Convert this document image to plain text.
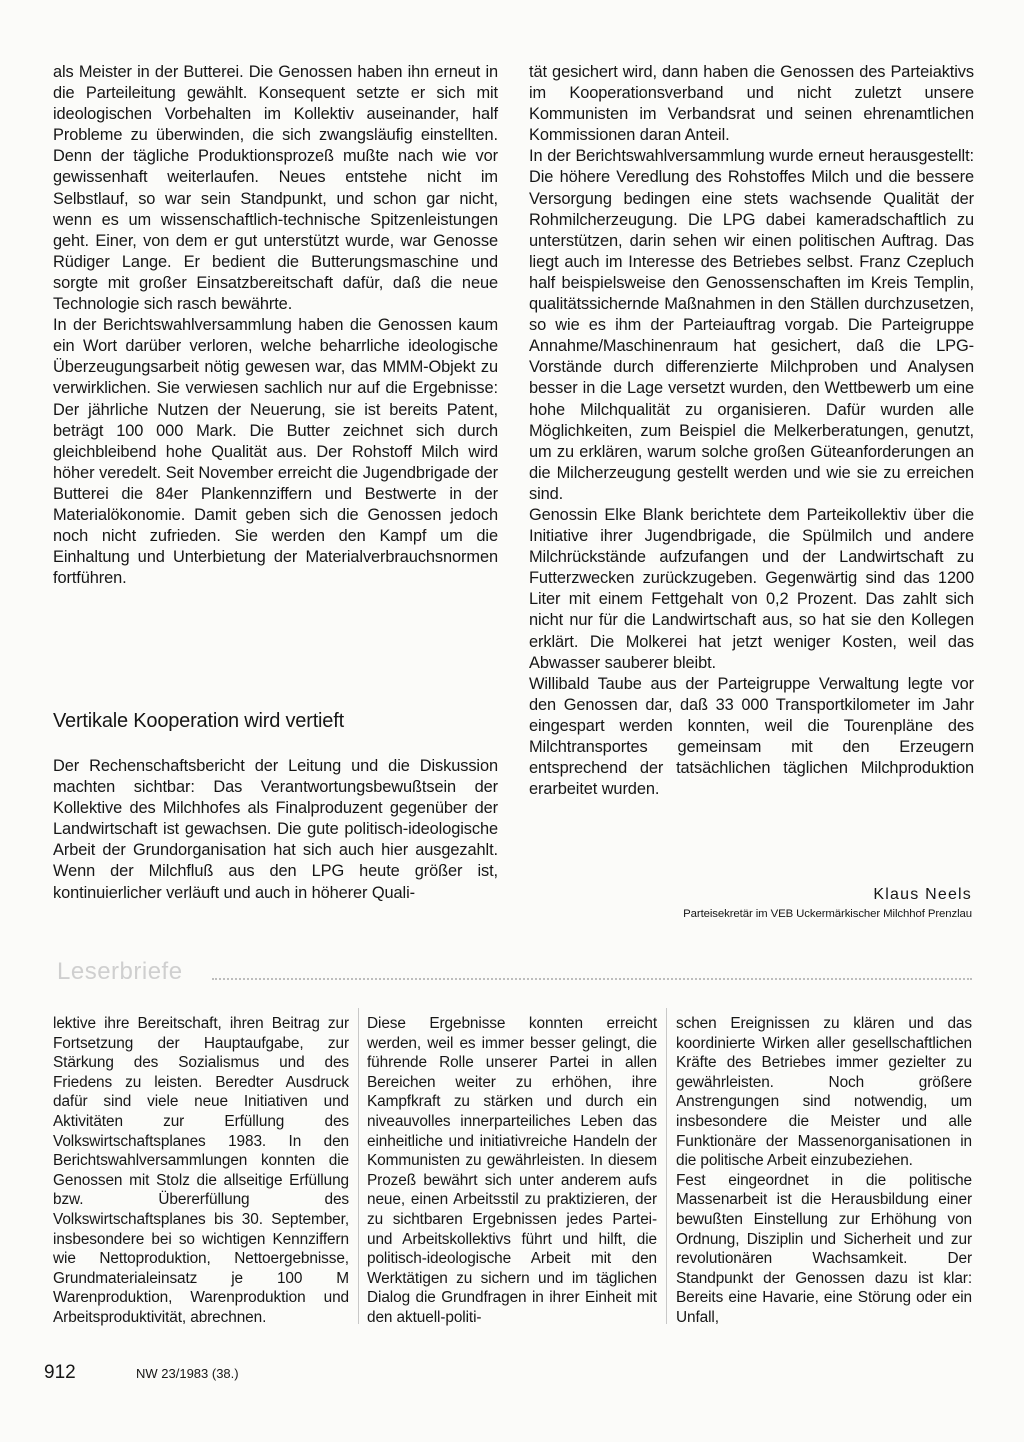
als Meister in der Butterei. Die Genossen haben ihn erneut in die Parteileitung gewählt. Konsequent setzte er sich mit ideologischen Vorbehalten im Kollektiv auseinander, half Probleme zu überwinden, die sich zwangsläufig einstellten. Denn der tägliche Produktionsprozeß mußte nach wie vor gewissenhaft weiterlaufen. Neues entstehe nicht im Selbstlauf, so war sein Standpunkt, und schon gar nicht, wenn es um wissenschaftlich-technische Spitzenleistungen geht. Einer, von dem er gut unterstützt wurde, war Genosse Rüdiger Lange. Er bedient die Butterungsmaschine und sorgte mit großer Einsatzbereitschaft dafür, daß die neue Technologie sich rasch bewährte.

In der Berichtswahlversammlung haben die Genossen kaum ein Wort darüber verloren, welche beharrliche ideologische Überzeugungsarbeit nötig gewesen war, das MMM-Objekt zu verwirklichen. Sie verwiesen sachlich nur auf die Ergebnisse: Der jährliche Nutzen der Neuerung, sie ist bereits Patent, beträgt 100 000 Mark. Die Butter zeichnet sich durch gleichbleibend hohe Qualität aus. Der Rohstoff Milch wird höher veredelt. Seit November erreicht die Jugendbrigade der Butterei die 84er Plankennziffern und Bestwerte in der Materialökonomie. Damit geben sich die Genossen jedoch noch nicht zufrieden. Sie werden den Kampf um die Einhaltung und Unterbietung der Materialverbrauchsnormen fortführen.

Vertikale Kooperation wird vertieft

Der Rechenschaftsbericht der Leitung und die Diskussion machten sichtbar: Das Verantwortungsbewußtsein der Kollektive des Milchhofes als Finalproduzent gegenüber der Landwirtschaft ist gewachsen. Die gute politisch-ideologische Arbeit der Grundorganisation hat sich auch hier ausgezahlt. Wenn der Milchfluß aus den LPG heute größer ist, kontinuierlicher verläuft und auch in höherer Quali-

tät gesichert wird, dann haben die Genossen des Parteiaktivs im Kooperationsverband und nicht zuletzt unsere Kommunisten im Verbandsrat und seinen ehrenamtlichen Kommissionen daran Anteil.

In der Berichtswahlversammlung wurde erneut herausgestellt: Die höhere Veredlung des Rohstoffes Milch und die bessere Versorgung bedingen eine stets wachsende Qualität der Rohmilcherzeugung. Die LPG dabei kameradschaftlich zu unterstützen, darin sehen wir einen politischen Auftrag. Das liegt auch im Interesse des Betriebes selbst. Franz Czepluch half beispielsweise den Genossenschaften im Kreis Templin, qualitätssichernde Maßnahmen in den Ställen durchzusetzen, so wie es ihm der Parteiauftrag vorgab. Die Parteigruppe Annahme/Maschinenraum hat gesichert, daß die LPG-Vorstände durch differenzierte Milchproben und Analysen besser in die Lage versetzt wurden, den Wettbewerb um eine hohe Milchqualität zu organisieren. Dafür wurden alle Möglichkeiten, zum Beispiel die Melkerberatungen, genutzt, um zu erklären, warum solche großen Güteanforderungen an die Milcherzeugung gestellt werden und wie sie zu erreichen sind.

Genossin Elke Blank berichtete dem Parteikollektiv über die Initiative ihrer Jugendbrigade, die Spülmilch und andere Milchrückstände aufzufangen und der Landwirtschaft zu Futterzwecken zurückzugeben. Gegenwärtig sind das 1200 Liter mit einem Fettgehalt von 0,2 Prozent. Das zahlt sich nicht nur für die Landwirtschaft aus, so hat sie den Kollegen erklärt. Die Molkerei hat jetzt weniger Kosten, weil das Abwasser sauberer bleibt.

Willibald Taube aus der Parteigruppe Verwaltung legte vor den Genossen dar, daß 33 000 Transportkilometer im Jahr eingespart werden konnten, weil die Tourenpläne des Milchtransportes gemeinsam mit den Erzeugern entsprechend der tatsächlichen täglichen Milchproduktion erarbeitet wurden.

Klaus Neels
Parteisekretär im VEB Uckermärkischer Milchhof Prenzlau
Leserbriefe

lektive ihre Bereitschaft, ihren Beitrag zur Fortsetzung der Hauptaufgabe, zur Stärkung des Sozialismus und des Friedens zu leisten. Beredter Ausdruck dafür sind viele neue Initiativen und Aktivitäten zur Erfüllung des Volkswirtschaftsplanes 1983. In den Berichtswahlversammlungen konnten die Genossen mit Stolz die allseitige Erfüllung bzw. Übererfüllung des Volkswirtschaftsplanes bis 30. September, insbesondere bei so wichtigen Kennziffern wie Nettoproduktion, Nettoergebnisse, Grundmaterialeinsatz je 100 M Warenproduktion, Warenproduktion und Arbeitsproduktivität, abrechnen.

Diese Ergebnisse konnten erreicht werden, weil es immer besser gelingt, die führende Rolle unserer Partei in allen Bereichen weiter zu erhöhen, ihre Kampfkraft zu stärken und durch ein niveauvolles innerparteiliches Leben das einheitliche und initiativreiche Handeln der Kommunisten zu gewährleisten. In diesem Prozeß bewährt sich unter anderem aufs neue, einen Arbeitsstil zu praktizieren, der zu sichtbaren Ergebnissen jedes Partei- und Arbeitskollektivs führt und hilft, die politisch-ideologische Arbeit mit den Werktätigen zu sichern und im täglichen Dialog die Grundfragen in ihrer Einheit mit den aktuell-politi-

schen Ereignissen zu klären und das koordinierte Wirken aller gesellschaftlichen Kräfte des Betriebes immer gezielter zu gewährleisten. Noch größere Anstrengungen sind notwendig, um insbesondere die Meister und alle Funktionäre der Massenorganisationen in die politische Arbeit einzubeziehen.

Fest eingeordnet in die politische Massenarbeit ist die Herausbildung einer bewußten Einstellung zur Erhöhung von Ordnung, Disziplin und Sicherheit und zur revolutionären Wachsamkeit. Der Standpunkt der Genossen dazu ist klar: Bereits eine Havarie, eine Störung oder ein Unfall,

912	NW 23/1983 (38.)
